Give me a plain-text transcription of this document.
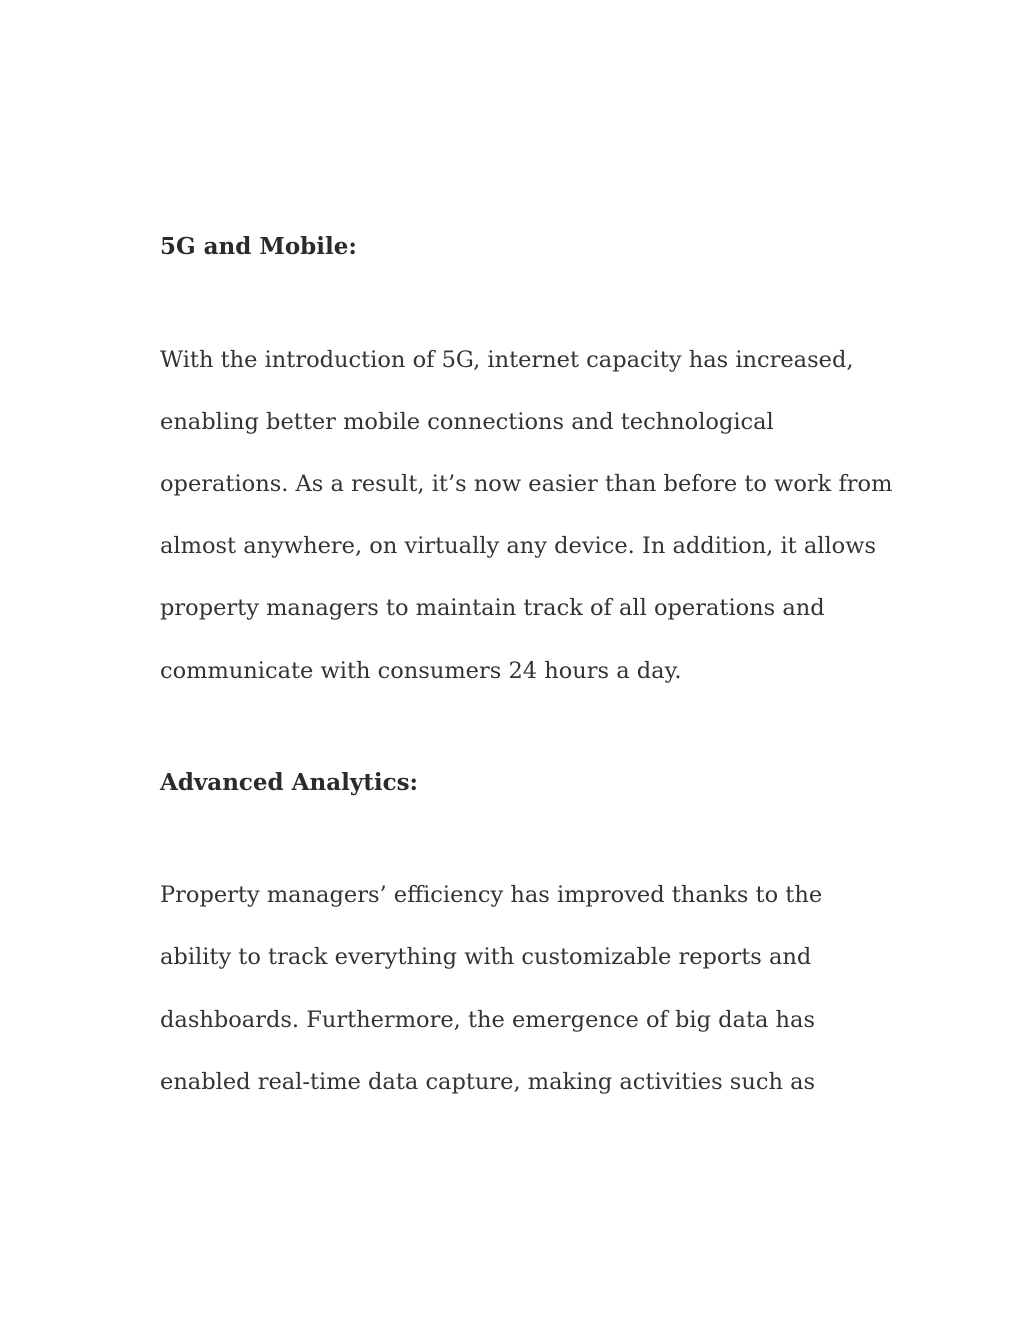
5G and Mobile:

With the introduction of 5G, internet capacity has increased,

enabling better mobile connections and technological

operations. As a result, it’s now easier than before to work from

almost anywhere, on virtually any device. In addition, it allows

property managers to maintain track of all operations and

communicate with consumers 24 hours a day.

Advanced Analytics:

Property managers’ efficiency has improved thanks to the

ability to track everything with customizable reports and

dashboards. Furthermore, the emergence of big data has

enabled real-time data capture, making activities such as
